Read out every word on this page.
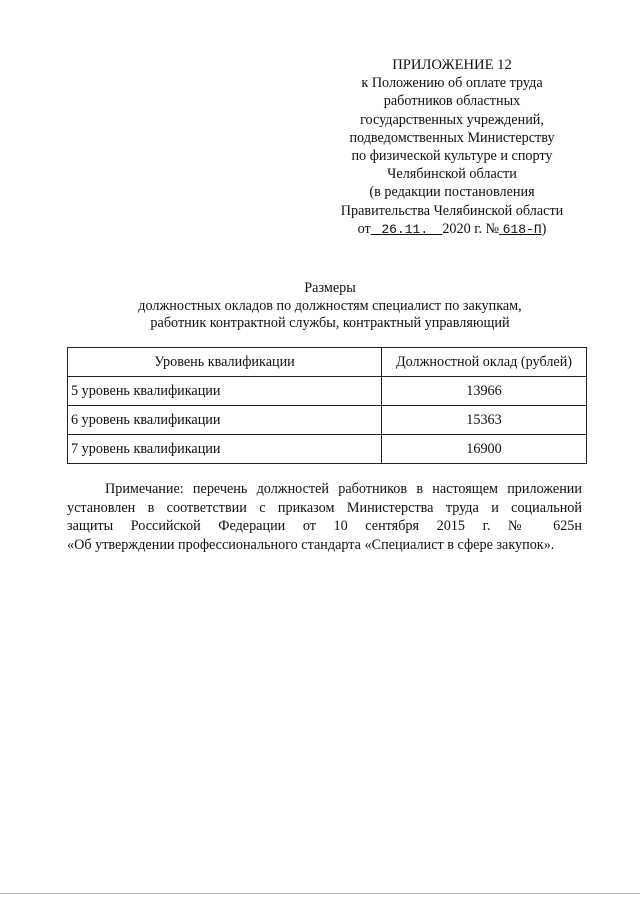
ПРИЛОЖЕНИЕ 12
к Положению об оплате труда
работников областных
государственных учреждений,
подведомственных Министерству
по физической культуре и спорту
Челябинской области
(в редакции постановления
Правительства Челябинской области
от 26.11. 2020 г. № 618-П)
Размеры
должностных окладов по должностям специалист по закупкам,
работник контрактной службы, контрактный управляющий
Уровень квалификации	Должностной оклад (рублей)
5 уровень квалификации	13966
6 уровень квалификации	15363
7 уровень квалификации	16900
Примечание: перечень должностей работников в настоящем приложении
установлен в соответствии с приказом Министерства труда и социальной
защиты Российской Федерации от 10 сентября 2015 г. № 625н
«Об утверждении профессионального стандарта «Специалист в сфере закупок».
